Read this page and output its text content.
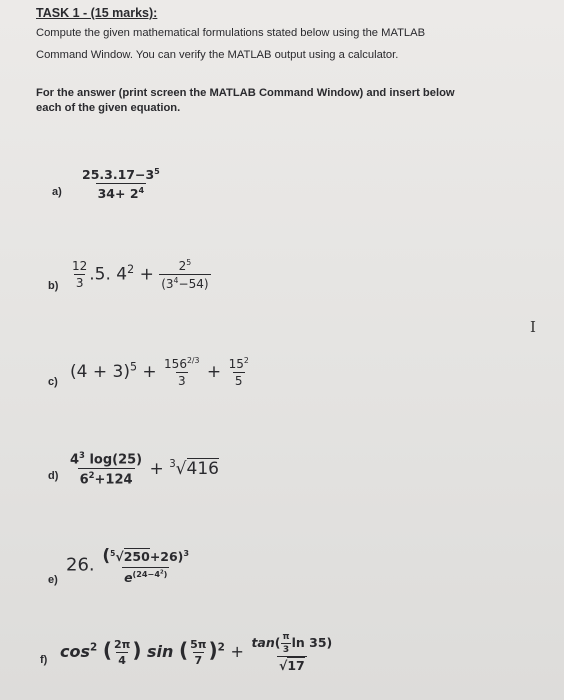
TASK 1 - (15 marks):
Compute the given mathematical formulations stated below using the MATLAB
Command Window. You can verify the MATLAB output using a calculator.
For the answer (print screen the MATLAB Command Window) and insert below
each of the given equation.
$a) \frac{25.3.17-3^5}{34+ 2^4}$
$b) \frac{12}{3} .5$. $4^2 + \frac{2^5}{(3^4-54)}$
I
c) $(4 + 3)^5 + \frac{156^{2/3}}{3} + \frac{15^2}{5}$
$d) \frac{4^3 \log(25)}{6^2+124} + ^3√416$
e)
26. $\frac{(^5√250+26)^3}{e^{(24-4^2)}}$
f) $\cos^2$ ( $\frac{2\pi}{4}$ ) sin ( $\frac{5\pi}{7} )^2 + \frac{\tan( \frac{\pi}{3} \ln 35)}{√17}$
